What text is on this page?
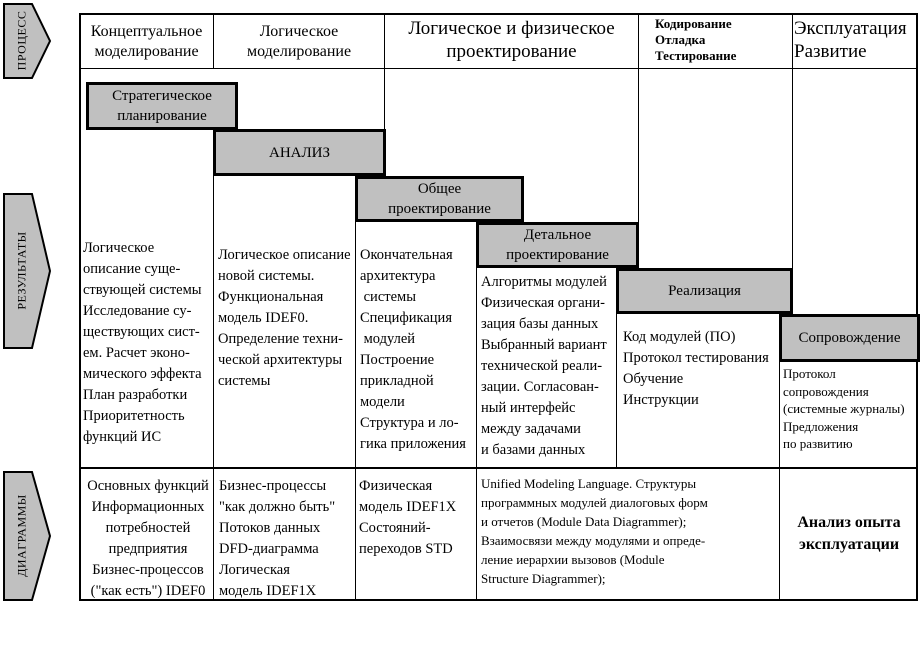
ПРОЦЕСС
РЕЗУЛЬТАТЫ
ДИАГРАММЫ
Концептуальное
моделирование
Логическое
моделирование
Логическое и физическое
проектирование
Кодирование
Отладка
Тестирование
Эксплуатация
Развитие
Стратегическое
планирование
АНАЛИЗ
Общее
проектирование
Детальное
проектирование
Реализация
Сопровождение
Логическое
описание суще-
ствующей системы
Исследование су-
ществующих сист-
ем. Расчет эконо-
мического эффекта
План разработки
Приоритетность
функций ИС
Логическое описание
новой системы.
Функциональная
модель IDEF0.
Определение техни-
ческой архитектуры
системы
Окончательная
архитектура
системы
Спецификация
модулей
Построение
прикладной
модели
Структура и ло-
гика приложения
Алгоритмы модулей
Физическая органи-
зация базы данных
Выбранный вариант
технической реали-
зации. Согласован-
ный интерфейс
между задачами
и базами данных
Код модулей (ПО)
Протокол тестирования
Обучение
Инструкции
Протокол
сопровождения
(системные журналы)
Предложения
по развитию
Основных функций
Информационных
потребностей
предприятия
Бизнес-процессов
("как есть") IDEF0
Бизнес-процессы
"как должно быть"
Потоков данных
DFD-диаграмма
Логическая
модель IDEF1X
Физическая
модель IDEF1X
Состояний-
переходов STD
Unified Modeling Language. Структуры
программных модулей диалоговых форм
и отчетов (Module Data Diagrammer);
Взаимосвязи между модулями и опреде-
ление иерархии вызовов (Module
Structure Diagrammer);
Анализ опыта
эксплуатации
